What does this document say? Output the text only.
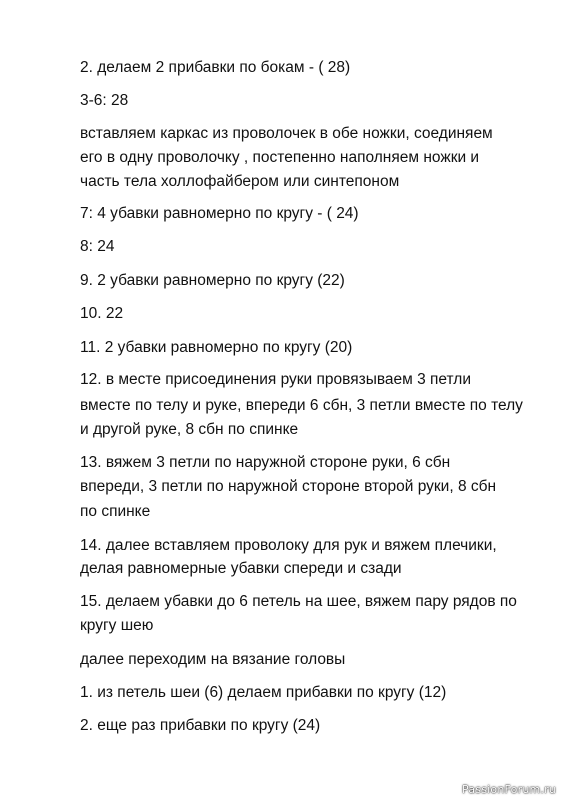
2. делаем 2 прибавки по бокам - ( 28)
3-6: 28
вставляем каркас из проволочек в обе ножки, соединяем
его в одну проволочку , постепенно наполняем ножки и
часть тела холлофайбером или синтепоном
7: 4 убавки равномерно по кругу - ( 24)
8: 24
9. 2 убавки равномерно по кругу (22)
10. 22
11. 2 убавки равномерно по кругу (20)
12. в месте присоединения руки провязываем 3 петли
вместе по телу и руке, впереди 6 сбн, 3 петли вместе по телу
и другой руке, 8 сбн по спинке
13. вяжем 3 петли по наружной стороне руки, 6 сбн
впереди, 3 петли по наружной стороне второй руки, 8 сбн
по спинке
14. далее вставляем проволоку для рук и вяжем плечики,
делая равномерные убавки спереди и сзади
15. делаем убавки до 6 петель на шее, вяжем пару рядов по
кругу шею
далее переходим на вязание головы
1. из петель шеи (6) делаем прибавки по кругу (12)
2. еще раз прибавки по кругу (24)
PassionForum.ru
